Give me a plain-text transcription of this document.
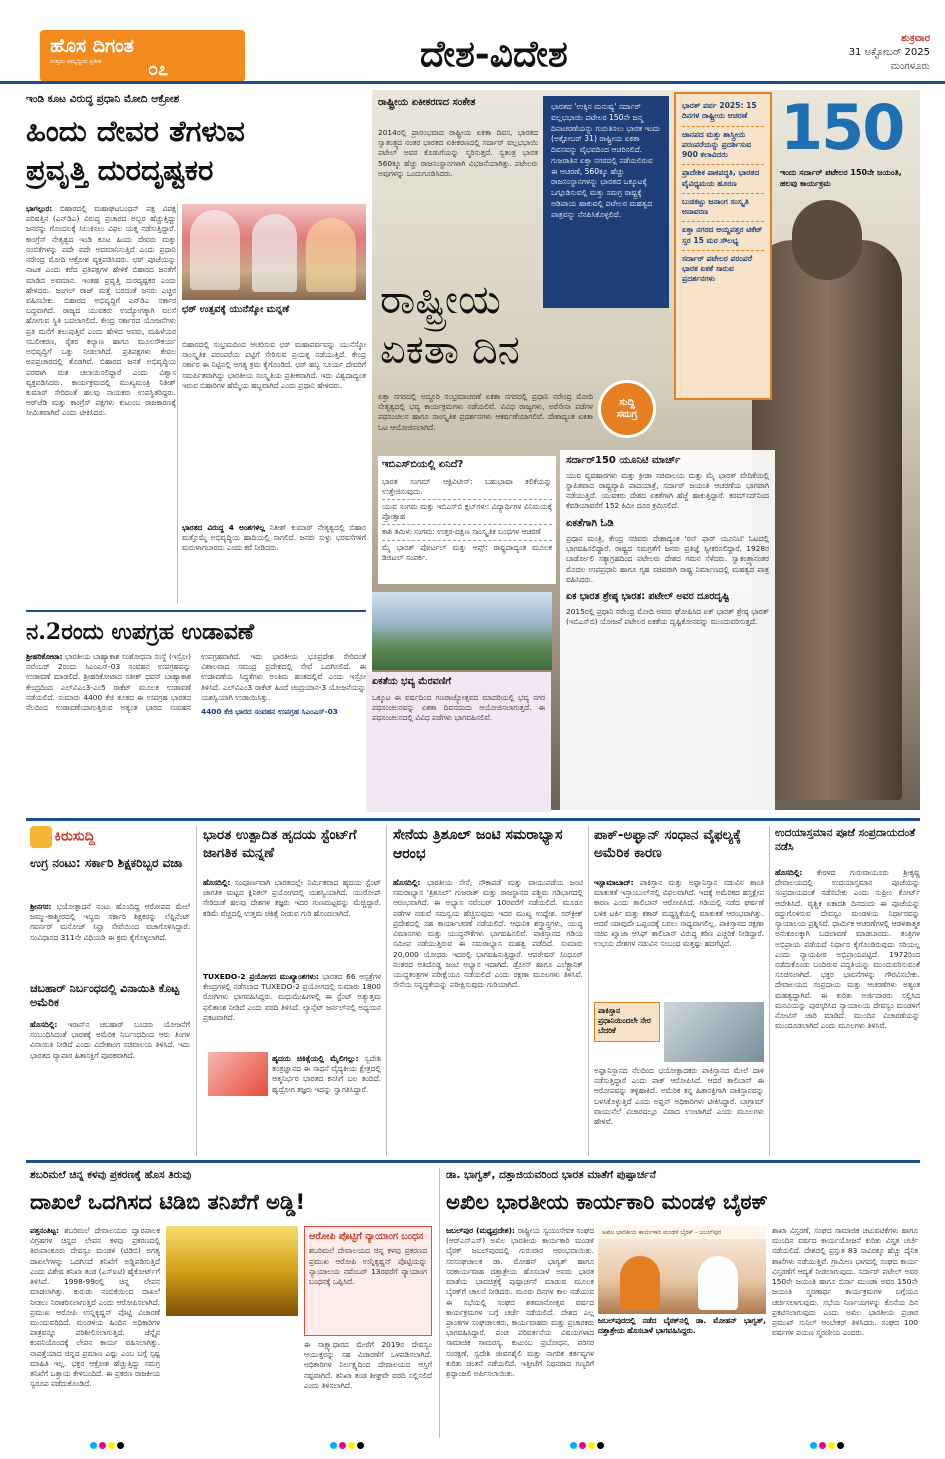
ಹೊಸ ದಿಗಂತ
ಉತ್ತಮ ಸಮೃದ್ಧಿಯ ಪ್ರತೀಕ	೦೭	ದೇಶ-ವಿದೇಶ	ಶುಕ್ರವಾರ
31 ಅಕ್ಟೋಬರ್ 2025
ಮಂಗಳೂರು
ಇಂಡಿ ಕೂಟ ವಿರುದ್ಧ ಪ್ರಧಾನಿ ಮೋದಿ ಆಕ್ರೋಶ
ಹಿಂದು ದೇವರ ತೆಗಳುವ
ಪ್ರವೃತ್ತಿ ದುರದೃಷ್ಟಕರ
ಭಾಗಲ್ಪುರ: ಬಿಹಾರದಲ್ಲಿ ಮಹಾಘಟಬಂಧನ್ ಪಕ್ಷ ವಿಪಕ್ಷ ಪರಿಷತ್ತಿನ (ಎನ್‌ಡಿಎ) ವಿರುದ್ಧ ಪ್ರಚಾರದ ಅಬ್ಬರ ಹೆಚ್ಚುತ್ತಿದ್ದು ಜನರನ್ನು ಗೊಂದಲಕ್ಕೆ ಸಿಲುಕಿಸಲು ವಿಫಲ ಯತ್ನ ನಡೆಸುತ್ತಿದ್ದಾರೆ. ಕಾಂಗ್ರೆಸ್ ನೇತೃತ್ವದ ಇಂಡಿ ಕೂಟ ಹಿಂದು ದೇವರು ಮತ್ತು ನಂಬಿಕೆಗಳನ್ನು ಪದೇ ಪದೇ ಅವಮಾನಿಸುತ್ತಿದೆ ಎಂದು ಪ್ರಧಾನಿ ನರೇಂದ್ರ ಮೋದಿ ಆಕ್ರೋಶ ವ್ಯಕ್ತಪಡಿಸಿದರು. ಛಠ್ ಪೂಜೆಯನ್ನು ನಾಟಕ ಎಂದು ಕರೆದ ಪ್ರತಿಪಕ್ಷಗಳ ಹೇಳಿಕೆ ಬಿಹಾರದ ಜನತೆಗೆ ಮಾಡಿದ ಅವಮಾನ. ಇಂತಹ ಪ್ರವೃತ್ತಿ ದುರದೃಷ್ಟಕರ ಎಂದು ಹೇಳಿದರು. ಜಂಗಲ್ ರಾಜ್ ಮತ್ತೆ ಬರದಂತೆ ಜನರು ಎಚ್ಚರ ವಹಿಸಬೇಕು. ಬಿಹಾರದ ಅಭಿವೃದ್ಧಿಗೆ ಎನ್‌ಡಿಎ ಸರ್ಕಾರ ಬದ್ಧವಾಗಿದೆ. ರಾಜ್ಯದ ಯುವಕರು ಉದ್ಯೋಗಕ್ಕಾಗಿ ವಲಸೆ ಹೋಗುವ ಸ್ಥಿತಿ ಬದಲಾಗಲಿದೆ. ಕೇಂದ್ರ ಸರ್ಕಾರದ ಯೋಜನೆಗಳು ಪ್ರತಿ ಮನೆಗೆ ತಲುಪುತ್ತಿವೆ ಎಂದು ಹೇಳಿದ ಅವರು, ಮಹಿಳೆಯರ ಸಬಲೀಕರಣ, ರೈತರ ಕಲ್ಯಾಣ ಹಾಗೂ ಮೂಲಸೌಕರ್ಯ ಅಭಿವೃದ್ಧಿಗೆ ಒತ್ತು ನೀಡಲಾಗಿದೆ. ಪ್ರತಿಪಕ್ಷಗಳು ಕೇವಲ ಅಪಪ್ರಚಾರದಲ್ಲಿ ತೊಡಗಿವೆ. ಬಿಹಾರದ ಜನತೆ ಅಭಿವೃದ್ಧಿಯ ಪರವಾಗಿ ಮತ ಚಲಾಯಿಸಲಿದ್ದಾರೆ ಎಂದು ವಿಶ್ವಾಸ ವ್ಯಕ್ತಪಡಿಸಿದರು. ಕಾರ್ಯಕ್ರಮದಲ್ಲಿ ಮುಖ್ಯಮಂತ್ರಿ ನಿತೀಶ್ ಕುಮಾರ್ ಸೇರಿದಂತೆ ಹಲವು ನಾಯಕರು ಉಪಸ್ಥಿತರಿದ್ದರು. ಆರ್‌ಜೆಡಿ ಮತ್ತು ಕಾಂಗ್ರೆಸ್ ಪಕ್ಷಗಳು ಕುಟುಂಬ ರಾಜಕಾರಣಕ್ಕೆ ಸೀಮಿತವಾಗಿವೆ ಎಂದು ಟೀಕಿಸಿದರು.
ಛಠ್ ಉತ್ಸವಕ್ಕೆ ಯುನೆಸ್ಕೋ ಮನ್ನಣೆ
ಬಿಹಾರದಲ್ಲಿ ಸಂಭ್ರಮದಿಂದ ಆಚರಿಸುವ ಛಠ್ ಮಹಾಪರ್ವವನ್ನು ಯುನೆಸ್ಕೋ ಸಾಂಸ್ಕೃತಿಕ ಪರಂಪರೆಯ ಪಟ್ಟಿಗೆ ಸೇರಿಸುವ ಪ್ರಯತ್ನ ನಡೆಯುತ್ತಿದೆ. ಕೇಂದ್ರ ಸರ್ಕಾರ ಈ ನಿಟ್ಟಿನಲ್ಲಿ ಅಗತ್ಯ ಕ್ರಮ ಕೈಗೊಂಡಿದೆ. ಛಠ್ ಹಬ್ಬ ಸೂರ್ಯ ದೇವರಿಗೆ ಸಮರ್ಪಿತವಾಗಿದ್ದು ಭಾರತೀಯ ಸಂಸ್ಕೃತಿಯ ಪ್ರತೀಕವಾಗಿದೆ. ಇದು ವಿಶ್ವದಾದ್ಯಂತ ಇರುವ ಬಿಹಾರಿಗಳ ಹೆಮ್ಮೆಯ ಹಬ್ಬವಾಗಿದೆ ಎಂದು ಪ್ರಧಾನಿ ಹೇಳಿದರು.
ಭಾರತದ ವಿರುದ್ಧ 4 ಅಂಶಗಳಿಲ್ಲ ನಿತೀಶ್ ಕುಮಾರ್ ನೇತೃತ್ವದಲ್ಲಿ ಬಿಹಾರ ಮತ್ತೊಮ್ಮೆ ಅಭಿವೃದ್ಧಿಯ ಹಾದಿಯಲ್ಲಿ ಸಾಗಲಿದೆ. ಜನರು ಸುಳ್ಳು ಭರವಸೆಗಳಿಗೆ ಮರುಳಾಗಬಾರದು ಎಂದು ಕರೆ ನೀಡಿದರು.
ರಾಷ್ಟ್ರೀಯ ಏಕೀಕರಣದ ಸಂಕೇತ
2014ರಲ್ಲಿ ಪ್ರಾರಂಭವಾದ ರಾಷ್ಟ್ರೀಯ ಏಕತಾ ದಿವಸ, ಭಾರತದ ಸ್ವಾತಂತ್ರ್ಯದ ನಂತರ ಭಾರತದ ಏಕೀಕರಣದಲ್ಲಿ ಸರ್ದಾರ್ ವಲ್ಲಭಭಾಯಿ ಪಟೇಲ್ ಅವರ ಕೊಡುಗೆಯನ್ನು ಸ್ಮರಿಸುತ್ತದೆ. ಸ್ವತಂತ್ರ ಭಾರತ 560ಕ್ಕೂ ಹೆಚ್ಚು ರಾಜಸಂಸ್ಥಾನಗಳಾಗಿ ವಿಭಜನೆಯಾಗಿತ್ತು. ಪಟೇಲರು ಅವುಗಳನ್ನು ಒಂದುಗೂಡಿಸಿದರು.
ಭಾರತದ 'ಉಕ್ಕಿನ ಮನುಷ್ಯ' ಸರ್ದಾರ್ ವಲ್ಲಭಭಾಯಿ ಪಟೇಲರ 150ನೇ ಜನ್ಮ ದಿನಾಚರಣೆಯನ್ನು ಗುರುತಿಸಲು ಭಾರತ ಇಂದು (ಅಕ್ಟೋಬರ್ 31) ರಾಷ್ಟ್ರೀಯ ಏಕತಾ ದಿವಸವನ್ನು ವೈಭವದಿಂದ ಆಚರಿಸಲಿದೆ. ಗುಜರಾತಿನ ಏಕ್ತಾ ನಗರದಲ್ಲಿ ನಡೆಯಲಿರುವ ಈ ಆಚರಣೆ, 560ಕ್ಕೂ ಹೆಚ್ಚು ರಾಜಸಂಸ್ಥಾನಗಳನ್ನು ಭಾರತದ ಒಕ್ಕೂಟಕ್ಕೆ ಒಗ್ಗೂಡಿಸುವಲ್ಲಿ ಮತ್ತು ಸಮಗ್ರ ರಾಷ್ಟ್ರಕ್ಕೆ ಅಡಿಪಾಯ ಹಾಕುವಲ್ಲಿ ಪಟೇಲರ ಮಹತ್ವದ ಪಾತ್ರವನ್ನು ನೆನಪಿಸಿಕೊಳ್ಳಲಿದೆ.
ಭಾರತ್ ಪರ್ವ 2025: 15 ದಿನಗಳ ರಾಷ್ಟ್ರೀಯ ಆಚರಣೆ
ಜಾನಪದ ಮತ್ತು ಶಾಸ್ತ್ರೀಯ ಪರಂಪರೆಯನ್ನು ಪ್ರದರ್ಶಿಸುವ 900 ಕಲಾವಿದರು
ಪ್ರಾದೇಶಿಕ ಪಾಕಪದ್ಧತಿ, ಭಾರತದ ವೈವಿಧ್ಯಮಯ ಹೂರಣ
ಬುಡಕಟ್ಟು ಜನಾಂಗ ಸಂಸ್ಕೃತಿ ಅನಾವರಣ
ಏಕ್ತಾ ನಗರದ ಆಯ್ದಪತ್ತರ ಟಿಕೆಟ್ ಸ್ತರ 15 ಮರ ಸೌಲಭ್ಯ
ಸರ್ದಾರ್ ಪಟೇಲರ ಪರಂಪರೆ ಭಾರತ ಏಕತೆ ಸಾರುವ ಪ್ರದರ್ಶನಗಳು
150
ಇಂದು ಸರ್ದಾರ್ ಪಟೇಲರ 150ನೇ ಜಯಂತಿ, ಹಲವು ಕಾರ್ಯಕ್ರಮ
ರಾಷ್ಟ್ರೀಯ
ಏಕತಾ ದಿನ
ಸುದ್ದಿ
ಸಮಗ್ರ
ಏಕ್ತಾ ನಗರದಲ್ಲಿ ಅದ್ದೂರಿ ಸಂಭ್ರಮಾಚರಣೆ ಏಕತಾ ನಗರದಲ್ಲಿ ಪ್ರಧಾನಿ ನರೇಂದ್ರ ಮೋದಿ ನೇತೃತ್ವದಲ್ಲಿ ಭವ್ಯ ಕಾರ್ಯಕ್ರಮಗಳು ನಡೆಯಲಿವೆ. ವಿವಿಧ ರಾಜ್ಯಗಳು, ಅರೆಸೇನಾ ಪಡೆಗಳ ಪಥಸಂಚಲನ ಹಾಗೂ ಸಾಂಸ್ಕೃತಿಕ ಪ್ರದರ್ಶನಗಳು ಆಕರ್ಷಣೆಯಾಗಲಿವೆ. ದೇಶಾದ್ಯಂತ ಏಕತಾ ಓಟ ಆಯೋಜಿಸಲಾಗಿದೆ.
ಇಬಿಎಸ್‌ಬಿಯಲ್ಲಿ ಏನಿದೆ?
ಭಾರತ ಸಂಗಮ್ ಆಕ್ಟಿವಿಟೀಸ್: ಬಹುಭಾಷಾ ಕಲಿಕೆಯನ್ನು ಉತ್ತೇಜಿಸುವುದು.
ಯುವ ಸಂಗಮ ಮತ್ತು ಇಬಿಎಸ್‌ಬಿ ಕ್ಲಬ್‌ಗಳು: ವಿದ್ಯಾರ್ಥಿಗಳ ವಿನಿಮಯಕ್ಕೆ ಪ್ರೋತ್ಸಾಹ
ಕಾಶಿ ತಮಿಳು ಸಂಗಮ: ಉತ್ತರ-ದಕ್ಷಿಣ ಸಾಂಸ್ಕೃತಿಕ ಬಂಧಗಳ ಆಚರಣೆ
ಮೈ ಭಾರತ್ ಪೋರ್ಟಲ್ ಮತ್ತು ಆಪ್ಸ್: ರಾಷ್ಟ್ರದಾದ್ಯಂತ ಮೂಲಕ ಡಿಜಿಟಲ್ ಸಂಪರ್ಕ.
ಏಕತೆಯ ಭವ್ಯ ಮೆರವಣಿಗೆ
ಒಕ್ಕೂಟ ಈ ವರ್ಷದಿಂದ ಗಣರಾಜ್ಯೋತ್ಸವದ ಮಾದರಿಯಲ್ಲಿ ಭವ್ಯ ನಗರ ಪಥಸಂಚಲನವನ್ನು ಏಕತಾ ದಿವಸದಂದು ಆಯೋಜಿಸಲಾಗುತ್ತದೆ. ಈ ಪಥಸಂಚಲನದಲ್ಲಿ ವಿವಿಧ ಪಡೆಗಳು ಭಾಗವಹಿಸಲಿವೆ.
ಸರ್ದಾರ್150 ಯೂನಿಟಿ ಮಾರ್ಚ್
ಯುವ ವ್ಯವಹಾರಗಳು ಮತ್ತು ಕ್ರೀಡಾ ಸಚಿವಾಲಯ ಮತ್ತು ಮೈ ಭಾರತ್ ವೇದಿಕೆಯಲ್ಲಿ ಸ್ಥಾಪಿತವಾದ ರಾಷ್ಟ್ರವ್ಯಾಪಿ ಪಾದಯಾತ್ರೆ, ಸರ್ದಾರ್ ಜಯಂತಿ ಆಚರಣೆಯ ಭಾಗವಾಗಿ ನಡೆಯುತ್ತಿದೆ. ಯುವಕರು ದೇಶದ ಏಕತೆಗಾಗಿ ಹೆಜ್ಜೆ ಹಾಕುತ್ತಿದ್ದಾರೆ. ಕರಮ್‌ಸದ್‌ನಿಂದ ಕೆವಡಿಯಾವರೆಗೆ 152 ಕಿಮೀ ದೂರ ಕ್ರಮಿಸಲಿದೆ.
ಏಕತೆಗಾಗಿ ಓಡಿ
ಪ್ರಧಾನ ಮಂತ್ರಿ, ಕೇಂದ್ರ ಸಚಿವರು ದೇಶಾದ್ಯಂತ 'ರನ್ ಫಾರ್ ಯೂನಿಟಿ' ಓಟದಲ್ಲಿ ಭಾಗವಹಿಸಲಿದ್ದಾರೆ. ರಾಷ್ಟ್ರದ ಸಮಗ್ರತೆಗೆ ಜನರು ಪ್ರತಿಜ್ಞೆ ಸ್ವೀಕರಿಸಲಿದ್ದಾರೆ. 1928ರ ಬಾರ್ಡೋಲಿ ಸತ್ಯಾಗ್ರಹದಿಂದ ಪಟೇಲರು ದೇಶದ ಗಮನ ಸೆಳೆದರು. ಸ್ವಾತಂತ್ರ್ಯಾನಂತರ ಮೊದಲ ಉಪಪ್ರಧಾನಿ ಹಾಗೂ ಗೃಹ ಸಚಿವರಾಗಿ ರಾಷ್ಟ್ರ ನಿರ್ಮಾಣದಲ್ಲಿ ಮಹತ್ವದ ಪಾತ್ರ ವಹಿಸಿದರು.
ಏಕ ಭಾರತ ಶ್ರೇಷ್ಠ ಭಾರತ: ಪಟೇಲ್ ಅವರ ದೂರದೃಷ್ಟಿ
2015ರಲ್ಲಿ ಪ್ರಧಾನಿ ನರೇಂದ್ರ ಮೋದಿ ಅವರು ಘೋಷಿಸಿದ ಏಕ್ ಭಾರತ್ ಶ್ರೇಷ್ಠ ಭಾರತ್ (ಇಬಿಎಸ್‌ಬಿ) ಯೋಜನೆ ಪಟೇಲರ ಏಕತೆಯ ದೃಷ್ಟಿಕೋನವನ್ನು ಮುಂದುವರಿಸುತ್ತದೆ.
ನ.2ರಂದು ಉಪಗ್ರಹ ಉಡಾವಣೆ
ಶ್ರೀಹರಿಕೋಟಾ: ಭಾರತೀಯ ಬಾಹ್ಯಾಕಾಶ ಸಂಶೋಧನಾ ಸಂಸ್ಥೆ (ಇಸ್ರೋ) ನವೆಂಬರ್ 2ರಂದು ಸಿಎಂಎಸ್-03 ಸಂವಹನ ಉಪಗ್ರಹವನ್ನು ಉಡಾವಣೆ ಮಾಡಲಿದೆ. ಶ್ರೀಹರಿಕೋಟಾದ ಸತೀಶ್ ಧವನ್ ಬಾಹ್ಯಾಕಾಶ ಕೇಂದ್ರದಿಂದ ಎಲ್‌ವಿಎಂ3-ಎಂ5 ರಾಕೆಟ್ ಮೂಲಕ ಉಡಾವಣೆ ನಡೆಯಲಿದೆ. ಸುಮಾರು 4400 ಕೆಜಿ ತೂಕದ ಈ ಉಪಗ್ರಹ ಭಾರತದ ನೆಲದಿಂದ ಉಡಾವಣೆಯಾಗುತ್ತಿರುವ ಅತ್ಯಂತ ಭಾರದ ಸಂವಹನ ಉಪಗ್ರಹವಾಗಿದೆ. ಇದು ಭಾರತೀಯ ಭೂಪ್ರದೇಶ ಸೇರಿದಂತೆ ವಿಶಾಲವಾದ ಸಮುದ್ರ ಪ್ರದೇಶದಲ್ಲಿ ಸೇವೆ ಒದಗಿಸಲಿದೆ. ಈ ಉಡಾವಣೆಯ ಸಿದ್ಧತೆಗಳು ಅಂತಿಮ ಹಂತದಲ್ಲಿವೆ ಎಂದು ಇಸ್ರೋ ತಿಳಿಸಿದೆ. ಎಲ್‌ವಿಎಂ3 ರಾಕೆಟ್ ಹಿಂದೆ ಚಂದ್ರಯಾನ-3 ಯೋಜನೆಯನ್ನು ಯಶಸ್ವಿಯಾಗಿ ಉಡಾಯಿಸಿತ್ತು.
4400 ಕೆಜಿ ಭಾರದ ಸಂವಹನ ಉಪಗ್ರಹ ಸಿಎಂಎಸ್-03
ಕಿರುಸುದ್ದಿ
ಉಗ್ರ ನಂಟು: ಸರ್ಕಾರಿ ಶಿಕ್ಷಕರಿಬ್ಬರ ವಜಾ
ಶ್ರೀನಗರ: ಭಯೋತ್ಪಾದನೆ ನಂಟು ಹೊಂದಿದ್ದ ಆರೋಪದ ಮೇಲೆ ಜಮ್ಮು-ಕಾಶ್ಮೀರದಲ್ಲಿ ಇಬ್ಬರು ಸರ್ಕಾರಿ ಶಿಕ್ಷಕರನ್ನು ಲೆಫ್ಟಿನೆಂಟ್ ಗವರ್ನರ್ ಮನೋಜ್ ಸಿನ್ಹಾ ಸೇವೆಯಿಂದ ವಜಾಗೊಳಿಸಿದ್ದಾರೆ. ಸಂವಿಧಾನದ 311ನೇ ವಿಧಿಯಡಿ ಈ ಕ್ರಮ ಕೈಗೊಳ್ಳಲಾಗಿದೆ.
ಚಬಹಾರ್ ನಿರ್ಬಂಧದಲ್ಲಿ ವಿನಾಯಿತಿ ಕೊಟ್ಟ ಅಮೆರಿಕ
ಹೊಸದಿಲ್ಲಿ: ಇರಾನ್‌ನ ಚಬಹಾರ್ ಬಂದರು ಯೋಜನೆಗೆ ಸಂಬಂಧಿಸಿದಂತೆ ಭಾರತಕ್ಕೆ ಅಮೆರಿಕ ನಿರ್ಬಂಧದಿಂದ ಆರು ತಿಂಗಳ ವಿನಾಯಿತಿ ನೀಡಿದೆ ಎಂದು ವಿದೇಶಾಂಗ ಸಚಿವಾಲಯ ತಿಳಿಸಿದೆ. ಇದು ಭಾರತದ ವ್ಯಾಪಾರ ಹಿತಾಸಕ್ತಿಗೆ ಪೂರಕವಾಗಿದೆ.
ಭಾರತ ಉತ್ಪಾದಿತ ಹೃದಯ ಸ್ಟೆಂಟ್‌ಗೆ ಜಾಗತಿಕ ಮನ್ನಣೆ
ಹೊಸದಿಲ್ಲಿ: ಸಂಪೂರ್ಣವಾಗಿ ಭಾರತದಲ್ಲೇ ನಿರ್ಮಿತವಾದ ಹೃದಯ ಸ್ಟೆಂಟ್ ಜಾಗತಿಕ ಮಟ್ಟದ ಕ್ಲಿನಿಕಲ್ ಪ್ರಯೋಗದಲ್ಲಿ ಯಶಸ್ವಿಯಾಗಿದೆ. ಯುರೋಪ್ ಸೇರಿದಂತೆ ಹಲವು ದೇಶಗಳ ತಜ್ಞರು ಇದರ ಗುಣಮಟ್ಟವನ್ನು ಮೆಚ್ಚಿದ್ದಾರೆ. ಕಡಿಮೆ ವೆಚ್ಚದಲ್ಲಿ ಉತ್ತಮ ಚಿಕಿತ್ಸೆ ನೀಡುವ ಗುರಿ ಹೊಂದಲಾಗಿದೆ.
TUXEDO-2 ಪ್ರಯೋಗದ ಮುಖ್ಯಾಂಶಗಳು: ಭಾರತದ 66 ಆಸ್ಪತ್ರೆಗಳ ಕೇಂದ್ರಗಳಲ್ಲಿ ನಡೆಸಲಾದ TUXEDO-2 ಪ್ರಯೋಗದಲ್ಲಿ ಸುಮಾರು 1800 ರೋಗಿಗಳು ಭಾಗವಹಿಸಿದ್ದರು. ಮಧುಮೇಹಿಗಳಲ್ಲಿ ಈ ಸ್ಟೆಂಟ್ ಅತ್ಯುತ್ತಮ ಫಲಿತಾಂಶ ನೀಡಿದೆ ಎಂದು ವರದಿ ತಿಳಿಸಿದೆ. ಲ್ಯಾನ್ಸೆಟ್ ಜರ್ನಲ್‌ನಲ್ಲಿ ಅಧ್ಯಯನ ಪ್ರಕಟವಾಗಿದೆ.
ಹೃದಯ ಚಿಕಿತ್ಸೆಯಲ್ಲಿ ಮೈಲಿಗಲ್ಲು: ಸ್ವದೇಶಿ ತಂತ್ರಜ್ಞಾನದ ಈ ಸಾಧನೆ ವೈದ್ಯಕೀಯ ಕ್ಷೇತ್ರದಲ್ಲಿ ಆತ್ಮನಿರ್ಭರ ಭಾರತದ ಕನಸಿಗೆ ಬಲ ತಂದಿದೆ. ಹೃದ್ರೋಗ ತಜ್ಞರು ಇದನ್ನು ಸ್ವಾಗತಿಸಿದ್ದಾರೆ.
ಸೇನೆಯ ತ್ರಿಶೂಲ್ ಜಂಟಿ ಸಮರಾಭ್ಯಾಸ ಆರಂಭ
ಹೊಸದಿಲ್ಲಿ: ಭಾರತೀಯ ಸೇನೆ, ನೌಕಾಪಡೆ ಮತ್ತು ವಾಯುಪಡೆಯ ಜಂಟಿ ಸಮರಾಭ್ಯಾಸ 'ತ್ರಿಶೂಲ್' ಗುಜರಾತ್ ಮತ್ತು ರಾಜಸ್ಥಾನದ ಪಶ್ಚಿಮ ಗಡಿಭಾಗದಲ್ಲಿ ಆರಂಭವಾಗಿದೆ. ಈ ಅಭ್ಯಾಸ ನವೆಂಬರ್ 10ರವರೆಗೆ ನಡೆಯಲಿದೆ. ಮೂರೂ ಪಡೆಗಳ ನಡುವೆ ಸಮನ್ವಯ ಹೆಚ್ಚಿಸುವುದು ಇದರ ಮುಖ್ಯ ಉದ್ದೇಶ. ಸರ್‌ಕ್ರೀಕ್ ಪ್ರದೇಶದಲ್ಲಿ ಸಹ ಕಾರ್ಯಾಚರಣೆ ನಡೆಯಲಿದೆ. ಆಧುನಿಕ ಶಸ್ತ್ರಾಸ್ತ್ರಗಳು, ಯುದ್ಧ ವಿಮಾನಗಳು ಮತ್ತು ಯುದ್ಧನೌಕೆಗಳು ಭಾಗವಹಿಸಲಿವೆ. ಪಾಕಿಸ್ತಾನದ ಗಡಿಯ ಸಮೀಪ ನಡೆಯುತ್ತಿರುವ ಈ ಸಮರಾಭ್ಯಾಸ ಮಹತ್ವ ಪಡೆದಿದೆ. ಸುಮಾರು 20,000 ಯೋಧರು ಇದರಲ್ಲಿ ಭಾಗವಹಿಸುತ್ತಿದ್ದಾರೆ. ಆಪರೇಷನ್ ಸಿಂಧೂರ್ ನಂತರದ ಅತಿದೊಡ್ಡ ಜಂಟಿ ಅಭ್ಯಾಸ ಇದಾಗಿದೆ. ಡ್ರೋನ್ ಹಾಗೂ ಎಲೆಕ್ಟ್ರಾನಿಕ್ ಯುದ್ಧತಂತ್ರಗಳ ಪರೀಕ್ಷೆಯೂ ನಡೆಯಲಿದೆ ಎಂದು ರಕ್ಷಣಾ ಮೂಲಗಳು ತಿಳಿಸಿವೆ. ಸೇನೆಯ ಸನ್ನದ್ಧತೆಯನ್ನು ಪರೀಕ್ಷಿಸುವುದು ಗುರಿಯಾಗಿದೆ.
ಪಾಕ್-ಅಫ್ಘಾನ್ ಸಂಧಾನ ವೈಫಲ್ಯಕ್ಕೆ ಅಮೆರಿಕ ಕಾರಣ
ಇಸ್ಲಾಮಾಬಾದ್: ಪಾಕಿಸ್ತಾನ ಮತ್ತು ಅಫ್ಘಾನಿಸ್ತಾನ ನಡುವಿನ ಶಾಂತಿ ಮಾತುಕತೆ ಇಸ್ತಾಂಬುಲ್‌ನಲ್ಲಿ ವಿಫಲವಾಗಿದೆ. ಇದಕ್ಕೆ ಅಮೆರಿಕದ ಹಸ್ತಕ್ಷೇಪ ಕಾರಣ ಎಂದು ತಾಲಿಬಾನ್ ಆರೋಪಿಸಿದೆ. ಗಡಿಯಲ್ಲಿ ನಡೆದ ಘರ್ಷಣೆ ಬಳಿಕ ಟರ್ಕಿ ಮತ್ತು ಕತಾರ್ ಮಧ್ಯಸ್ಥಿಕೆಯಲ್ಲಿ ಮಾತುಕತೆ ಆರಂಭವಾಗಿತ್ತು. ಆದರೆ ಯಾವುದೇ ಒಪ್ಪಂದಕ್ಕೆ ಬರಲು ಸಾಧ್ಯವಾಗಲಿಲ್ಲ. ಪಾಕಿಸ್ತಾನದ ರಕ್ಷಣಾ ಸಚಿವ ಖ್ವಾಜಾ ಆಸಿಫ್ ತಾಲಿಬಾನ್ ವಿರುದ್ಧ ಕಠಿಣ ಎಚ್ಚರಿಕೆ ನೀಡಿದ್ದಾರೆ. ಉಭಯ ದೇಶಗಳ ನಡುವಿನ ಸಂಬಂಧ ಮತ್ತಷ್ಟು ಹದಗೆಟ್ಟಿದೆ.
ಪಾಕಿಸ್ತಾನ ಪ್ರಧಾನಿಯಿಂದಲೇ ನೇರ ಬೆದರಿಕೆ
ಅಫ್ಘಾನಿಸ್ತಾನದ ನೆಲದಿಂದ ಭಯೋತ್ಪಾದಕರು ಪಾಕಿಸ್ತಾನದ ಮೇಲೆ ದಾಳಿ ನಡೆಸುತ್ತಿದ್ದಾರೆ ಎಂದು ಪಾಕ್ ಆರೋಪಿಸಿದೆ. ಆದರೆ ತಾಲಿಬಾನ್ ಈ ಆರೋಪವನ್ನು ತಳ್ಳಿಹಾಕಿದೆ. ಅಮೆರಿಕ ತನ್ನ ಹಿತಾಸಕ್ತಿಗಾಗಿ ಪಾಕಿಸ್ತಾನವನ್ನು ಬಳಸಿಕೊಳ್ಳುತ್ತಿದೆ ಎಂದು ಅಫ್ಘನ್ ಅಧಿಕಾರಿಗಳು ಟೀಕಿಸಿದ್ದಾರೆ. ಬಾಗ್ರಾಮ್ ವಾಯುನೆಲೆ ವಿಚಾರದಲ್ಲೂ ವಿವಾದ ಉಂಟಾಗಿದೆ ಎಂದು ಮೂಲಗಳು ಹೇಳಿವೆ.
ಉದಯಾಸ್ತಮಾನ ಪೂಜೆ ಸಂಪ್ರದಾಯದಂತೆ ನಡೆಸಿ
ಹೊಸದಿಲ್ಲಿ: ಕೇರಳದ ಗುರುವಾಯೂರು ಶ್ರೀಕೃಷ್ಣ ದೇವಾಲಯದಲ್ಲಿ ಉದಯಾಸ್ತಮಾನ ಪೂಜೆಯನ್ನು ಸಂಪ್ರದಾಯದಂತೆ ನಡೆಸಬೇಕು ಎಂದು ಸುಪ್ರೀಂ ಕೋರ್ಟ್ ಆದೇಶಿಸಿದೆ. ವೃಶ್ಚಿಕ ಏಕಾದಶಿ ದಿನದಂದು ಈ ಪೂಜೆಯನ್ನು ರದ್ದುಗೊಳಿಸುವ ದೇವಸ್ವಂ ಮಂಡಳಿಯ ನಿರ್ಧಾರವನ್ನು ನ್ಯಾಯಾಲಯ ಪ್ರಶ್ನಿಸಿದೆ. ಧಾರ್ಮಿಕ ಆಚರಣೆಗಳಲ್ಲಿ ಆಡಳಿತಾತ್ಮಕ ಅನುಕೂಲಕ್ಕಾಗಿ ಬದಲಾವಣೆ ಮಾಡಬಾರದು. ತಂತ್ರಿಗಳ ಅಭಿಪ್ರಾಯ ಪಡೆಯದೆ ನಿರ್ಧಾರ ಕೈಗೊಂಡಿರುವುದು ಸರಿಯಲ್ಲ ಎಂದು ನ್ಯಾಯಪೀಠ ಅಭಿಪ್ರಾಯಪಟ್ಟಿದೆ. 1972ರಿಂದ ನಡೆದುಕೊಂಡು ಬಂದಿರುವ ಪದ್ಧತಿಯನ್ನು ಮುಂದುವರಿಸುವಂತೆ ಸೂಚಿಸಲಾಗಿದೆ. ಭಕ್ತರ ಭಾವನೆಗಳನ್ನು ಗೌರವಿಸಬೇಕು. ದೇವಾಲಯದ ಸಂಪ್ರದಾಯ ಮತ್ತು ಆಚರಣೆಗಳು ಅತ್ಯಂತ ಮಹತ್ವದ್ದಾಗಿವೆ. ಈ ಕುರಿತು ಅರ್ಜಿದಾರರು ಸಲ್ಲಿಸಿದ ಮನವಿಯನ್ನು ಪುರಸ್ಕರಿಸಿದ ನ್ಯಾಯಾಲಯ ದೇವಸ್ವಂ ಮಂಡಳಿಗೆ ನೋಟಿಸ್ ಜಾರಿ ಮಾಡಿದೆ. ಮುಂದಿನ ವಿಚಾರಣೆಯನ್ನು ಮುಂದೂಡಲಾಗಿದೆ ಎಂದು ಮೂಲಗಳು ತಿಳಿಸಿವೆ.
ಶಬರಿಮಲೆ ಚಿನ್ನ ಕಳವು ಪ್ರಕರಣಕ್ಕೆ ಹೊಸ ತಿರುವು
ದಾಖಲೆ ಒದಗಿಸದ ಟಿಡಿಬಿ ತನಿಖೆಗೆ ಅಡ್ಡಿ!
ಪತ್ತನಂತಿಟ್ಟ: ಶಬರಿಮಲೆ ದೇವಾಲಯದ ದ್ವಾರಪಾಲಕ ವಿಗ್ರಹಗಳ ಚಿನ್ನದ ಲೇಪನ ಕಳವು ಪ್ರಕರಣದಲ್ಲಿ ತಿರುವಾಂಕೂರು ದೇವಸ್ವಂ ಮಂಡಳಿ (ಟಿಡಿಬಿ) ಅಗತ್ಯ ದಾಖಲೆಗಳನ್ನು ಒದಗಿಸದೆ ತನಿಖೆಗೆ ಅಡ್ಡಿಪಡಿಸುತ್ತಿದೆ ಎಂದು ವಿಶೇಷ ತನಿಖಾ ತಂಡ (ಎಸ್‌ಐಟಿ) ಹೈಕೋರ್ಟ್‌ಗೆ ತಿಳಿಸಿದೆ. 1998-99ರಲ್ಲಿ ಚಿನ್ನ ಲೇಪನ ಮಾಡಲಾಗಿತ್ತು. ಕುರುಡು ನಂಬಿಕೆಯಿಂದ ದಾಖಲೆ ನೀಡಲು ನಿರಾಕರಿಸಲಾಗುತ್ತಿದೆ ಎಂದು ಆರೋಪಿಸಲಾಗಿದೆ. ಪ್ರಮುಖ ಆರೋಪಿ ಉನ್ನಿಕೃಷ್ಣನ್ ಪೊಟ್ಟಿ ವಿಚಾರಣೆ ಮುಂದುವರಿದಿದೆ. ಮಂಡಳಿಯ ಹಿಂದಿನ ಅಧಿಕಾರಿಗಳ ಪಾತ್ರವನ್ನೂ ಪರಿಶೀಲಿಸಲಾಗುತ್ತಿದೆ. ಚೆನ್ನೈನ ಕಂಪನಿಯೊಂದಕ್ಕೆ ಲೇಪನ ಕಾರ್ಯ ವಹಿಸಲಾಗಿತ್ತು. ನಾಪತ್ತೆಯಾದ ಚಿನ್ನದ ಪ್ರಮಾಣ ಎಷ್ಟು ಎಂಬ ಬಗ್ಗೆ ಸ್ಪಷ್ಟ ಮಾಹಿತಿ ಇಲ್ಲ. ಭಕ್ತರ ಆಕ್ರೋಶ ಹೆಚ್ಚುತ್ತಿದ್ದು ಸಮಗ್ರ ತನಿಖೆಗೆ ಒತ್ತಾಯ ಕೇಳಿಬಂದಿದೆ. ಈ ಪ್ರಕರಣ ರಾಜಕೀಯ ಸ್ವರೂಪ ಪಡೆದುಕೊಂಡಿದೆ.
ಆರೋಪಿ ಪೊಟ್ಟಿಗೆ ನ್ಯಾಯಾಂಗ ಬಂಧನ
ಶಬರಿಮಲೆ ದೇವಾಲಯದ ಚಿನ್ನ ಕಳವು ಪ್ರಕರಣದ ಪ್ರಮುಖ ಆರೋಪಿ ಉನ್ನಿಕೃಷ್ಣನ್ ಪೊಟ್ಟಿಯನ್ನು ನ್ಯಾಯಾಲಯ ನವೆಂಬರ್ 13ರವರೆಗೆ ನ್ಯಾಯಾಂಗ ಬಂಧನಕ್ಕೆ ಒಪ್ಪಿಸಿದೆ.
ಈ ಸಾಕ್ಷ್ಯಾಧಾರದ ಮೇರೆಗೆ 2019ರ ದೇವಸ್ವಂ ಆಯುಕ್ತರನ್ನು ಸಹ ವಿಚಾರಣೆಗೆ ಒಳಪಡಿಸಲಾಗಿದೆ. ಅಧಿಕಾರಿಗಳ ನಿರ್ಲಕ್ಷ್ಯದಿಂದ ದೇವಾಲಯದ ಆಸ್ತಿಗೆ ನಷ್ಟವಾಗಿದೆ. ತನಿಖಾ ತಂಡ ಶೀಘ್ರವೇ ವರದಿ ಸಲ್ಲಿಸಲಿದೆ ಎಂದು ತಿಳಿಸಲಾಗಿದೆ.
ಡಾ. ಭಾಗ್ವತ್, ದತ್ತಾಜಿಯವರಿಂದ ಭಾರತ ಮಾತೆಗೆ ಪುಷ್ಪಾರ್ಚನೆ
ಅಖಿಲ ಭಾರತೀಯ ಕಾರ್ಯಕಾರಿ ಮಂಡಳಿ ಬೈಠಕ್
ಜಬಲ್‌ಪುರ (ಮಧ್ಯಪ್ರದೇಶ): ರಾಷ್ಟ್ರೀಯ ಸ್ವಯಂಸೇವಕ ಸಂಘದ (ಆರ್‌ಎಸ್‌ಎಸ್) ಅಖಿಲ ಭಾರತೀಯ ಕಾರ್ಯಕಾರಿ ಮಂಡಳಿ ಬೈಠಕ್ ಜಬಲ್‌ಪುರದಲ್ಲಿ ಗುರುವಾರ ಆರಂಭವಾಯಿತು. ಸರಸಂಘಚಾಲಕ ಡಾ. ಮೋಹನ್ ಭಾಗ್ವತ್ ಹಾಗೂ ಸರಕಾರ್ಯವಾಹ ದತ್ತಾತ್ರೇಯ ಹೊಸಬಾಳೆ ಅವರು ಭಾರತ ಮಾತೆಯ ಭಾವಚಿತ್ರಕ್ಕೆ ಪುಷ್ಪಾರ್ಚನೆ ಮಾಡುವ ಮೂಲಕ ಬೈಠಕ್‌ಗೆ ಚಾಲನೆ ನೀಡಿದರು. ಮೂರು ದಿನಗಳ ಕಾಲ ನಡೆಯುವ ಈ ಸಭೆಯಲ್ಲಿ ಸಂಘದ ಶತಮಾನೋತ್ಸವ ವರ್ಷದ ಕಾರ್ಯಕ್ರಮಗಳ ಬಗ್ಗೆ ಚರ್ಚೆ ನಡೆಯಲಿದೆ. ದೇಶದ ಎಲ್ಲ ಪ್ರಾಂತಗಳ ಸಂಘಚಾಲಕರು, ಕಾರ್ಯವಾಹರು ಮತ್ತು ಪ್ರಚಾರಕರು ಭಾಗವಹಿಸಿದ್ದಾರೆ. ಪಂಚ ಪರಿವರ್ತನೆಯ ವಿಷಯಗಳಾದ ಸಾಮಾಜಿಕ ಸಾಮರಸ್ಯ, ಕುಟುಂಬ ಪ್ರಬೋಧನ, ಪರಿಸರ ಸಂರಕ್ಷಣೆ, ಸ್ವದೇಶಿ ಜೀವನಶೈಲಿ ಮತ್ತು ನಾಗರಿಕ ಕರ್ತವ್ಯಗಳ ಕುರಿತು ಚಿಂತನೆ ನಡೆಯಲಿದೆ. ಇತ್ತೀಚೆಗೆ ನಿಧನರಾದ ಗಣ್ಯರಿಗೆ ಶ್ರದ್ಧಾಂಜಲಿ ಅರ್ಪಿಸಲಾಯಿತು.
ಅಖಿಲ ಭಾರತೀಯ ಕಾರ್ಯಕಾರಿ ಮಂಡಳಿ ಬೈಠಕ್ - ಜಬಲ್‌ಪುರ
ಜಬಲ್‌ಪುರದಲ್ಲಿ ನಡೆದ ಬೈಠಕ್‌ನಲ್ಲಿ ಡಾ. ಮೋಹನ್ ಭಾಗ್ವತ್, ದತ್ತಾತ್ರೇಯ ಹೊಸಬಾಳೆ ಭಾಗವಹಿಸಿದ್ದರು.
ಶಾಖಾ ವಿಸ್ತರಣೆ, ಸಂಘದ ಸಾಮಾಜಿಕ ಚಟುವಟಿಕೆಗಳು ಹಾಗೂ ಮುಂದಿನ ವರ್ಷದ ಕಾರ್ಯಯೋಜನೆ ಕುರಿತು ವಿಸ್ತೃತ ಚರ್ಚೆ ನಡೆಯಲಿದೆ. ದೇಶದಲ್ಲಿ ಪ್ರಸ್ತುತ 83 ಸಾವಿರಕ್ಕೂ ಹೆಚ್ಚು ದೈನಿಕ ಶಾಖೆಗಳು ನಡೆಯುತ್ತಿವೆ. ಗ್ರಾಮೀಣ ಭಾಗದಲ್ಲಿ ಸಂಘದ ಕಾರ್ಯ ವಿಸ್ತರಣೆಗೆ ಆದ್ಯತೆ ನೀಡಲಾಗುವುದು. ಸರ್ದಾರ್ ಪಟೇಲ್ ಅವರ 150ನೇ ಜಯಂತಿ ಹಾಗೂ ಬಿರ್ಸಾ ಮುಂಡಾ ಅವರ 150ನೇ ಜಯಂತಿ ಸ್ಮರಣಾರ್ಥ ಕಾರ್ಯಕ್ರಮಗಳ ಬಗ್ಗೆಯೂ ಚರ್ಚಿಸಲಾಗುವುದು. ಸಭೆಯ ನಿರ್ಣಯಗಳನ್ನು ಕೊನೆಯ ದಿನ ಪ್ರಕಟಿಸಲಾಗುವುದು ಎಂದು ಅಖಿಲ ಭಾರತೀಯ ಪ್ರಚಾರ ಪ್ರಮುಖ್ ಸುನಿಲ್ ಆಂಬೇಕರ್ ತಿಳಿಸಿದರು. ಸಂಘದ 100 ವರ್ಷಗಳ ಪಯಣ ಸ್ಮರಣೀಯ ಎಂದರು.
